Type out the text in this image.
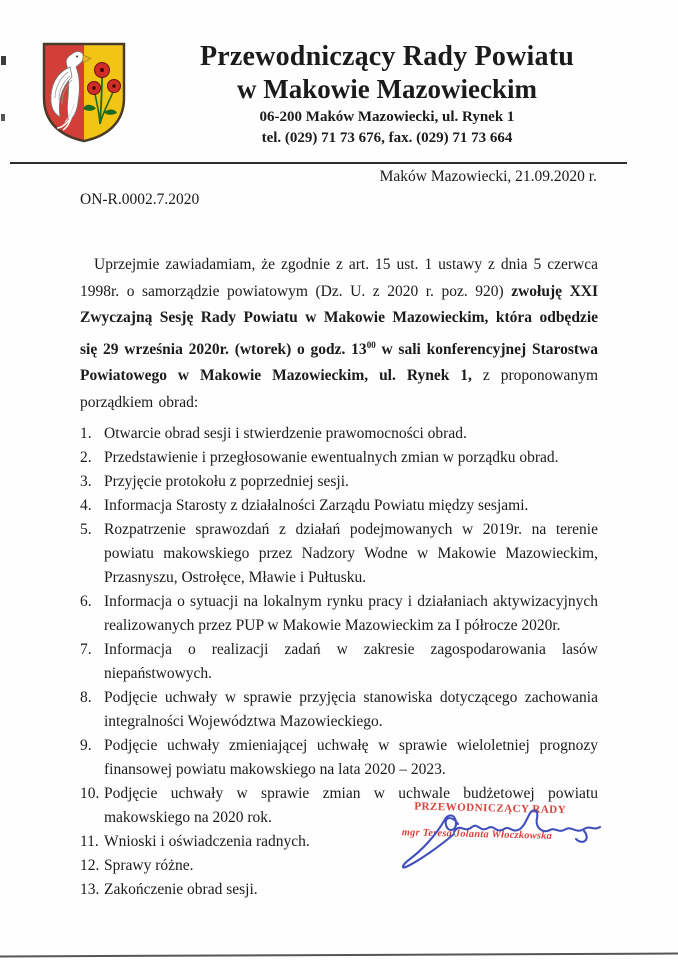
Przewodniczący Rady Powiatu
w Makowie Mazowieckim
06-200 Maków Mazowiecki, ul. Rynek 1
tel. (029) 71 73 676, fax. (029) 71 73 664
Maków Mazowiecki, 21.09.2020 r.
ON-R.0002.7.2020

Uprzejmie zawiadamiam, że zgodnie z art. 15 ust. 1 ustawy z dnia 5 czerwca 1998r. o samorządzie powiatowym (Dz. U. z 2020 r. poz. 920) zwołuję XXI Zwyczajną Sesję Rady Powiatu w Makowie Mazowieckim, która odbędzie się 29 września 2020r. (wtorek) o godz. $13^{00}$ w sali konferencyjnej Starostwa Powiatowego w Makowie Mazowieckim, ul. Rynek 1, z proponowanym porządkiem obrad:

1. Otwarcie obrad sesji i stwierdzenie prawomocności obrad.
2. Przedstawienie i przegłosowanie ewentualnych zmian w porządku obrad.
3. Przyjęcie protokołu z poprzedniej sesji.
4. Informacja Starosty z działalności Zarządu Powiatu między sesjami.
5. Rozpatrzenie sprawozdań z działań podejmowanych w 2019r. na terenie powiatu makowskiego przez Nadzory Wodne w Makowie Mazowieckim, Przasnyszu, Ostrołęce, Mławie i Pułtusku.
6. Informacja o sytuacji na lokalnym rynku pracy i działaniach aktywizacyjnych realizowanych przez PUP w Makowie Mazowieckim za I półrocze 2020r.
7. Informacja o realizacji zadań w zakresie zagospodarowania lasów niepaństwowych.
8. Podjęcie uchwały w sprawie przyjęcia stanowiska dotyczącego zachowania integralności Województwa Mazowieckiego.
9. Podjęcie uchwały zmieniającej uchwałę w sprawie wieloletniej prognozy finansowej powiatu makowskiego na lata 2020 – 2023.
10. Podjęcie uchwały w sprawie zmian w uchwale budżetowej powiatu makowskiego na 2020 rok.
11. Wnioski i oświadczenia radnych.
12. Sprawy różne.
13. Zakończenie obrad sesji.
PRZEWODNICZĄCY RADY
mgr Teresa Jolanta Włoczkowska
